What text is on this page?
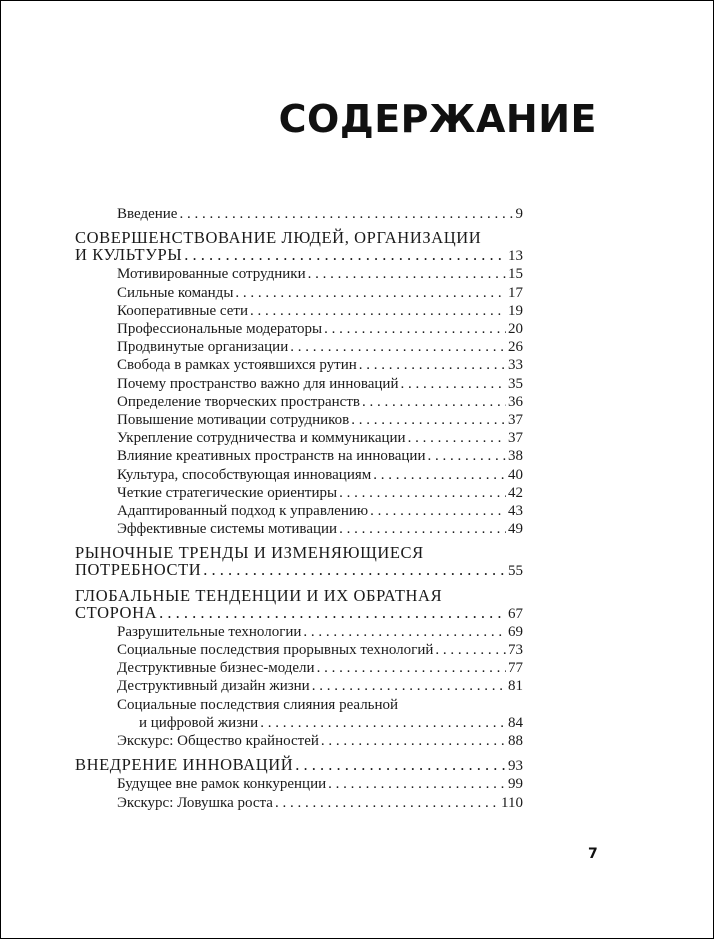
СОДЕРЖАНИЕ
Введение . . .	9
СОВЕРШЕНСТВОВАНИЕ ЛЮДЕЙ, ОРГАНИЗАЦИИ
И КУЛЬТУРЫ . . .	13
Мотивированные сотрудники . . .	15
Сильные команды . . .	17
Кооперативные сети . . .	19
Профессиональные модераторы . . .	20
Продвинутые организации . . .	26
Свобода в рамках устоявшихся рутин . . .	33
Почему пространство важно для инноваций . . .	35
Определение творческих пространств . . .	36
Повышение мотивации сотрудников . . .	37
Укрепление сотрудничества и коммуникации . . .	37
Влияние креативных пространств на инновации . . .	38
Культура, способствующая инновациям . . .	40
Четкие стратегические ориентиры . . .	42
Адаптированный подход к управлению . . .	43
Эффективные системы мотивации . . .	49
РЫНОЧНЫЕ ТРЕНДЫ И ИЗМЕНЯЮЩИЕСЯ
ПОТРЕБНОСТИ . . .	55
ГЛОБАЛЬНЫЕ ТЕНДЕНЦИИ И ИХ ОБРАТНАЯ
СТОРОНА . . .	67
Разрушительные технологии . . .	69
Социальные последствия прорывных технологий . . .	73
Деструктивные бизнес-модели . . .	77
Деструктивный дизайн жизни . . .	81
Социальные последствия слияния реальной
и цифровой жизни . . .	84
Экскурс: Общество крайностей . . .	88
ВНЕДРЕНИЕ ИННОВАЦИЙ . . .	93
Будущее вне рамок конкуренции . . .	99
Экскурс: Ловушка роста . . .	110
7
